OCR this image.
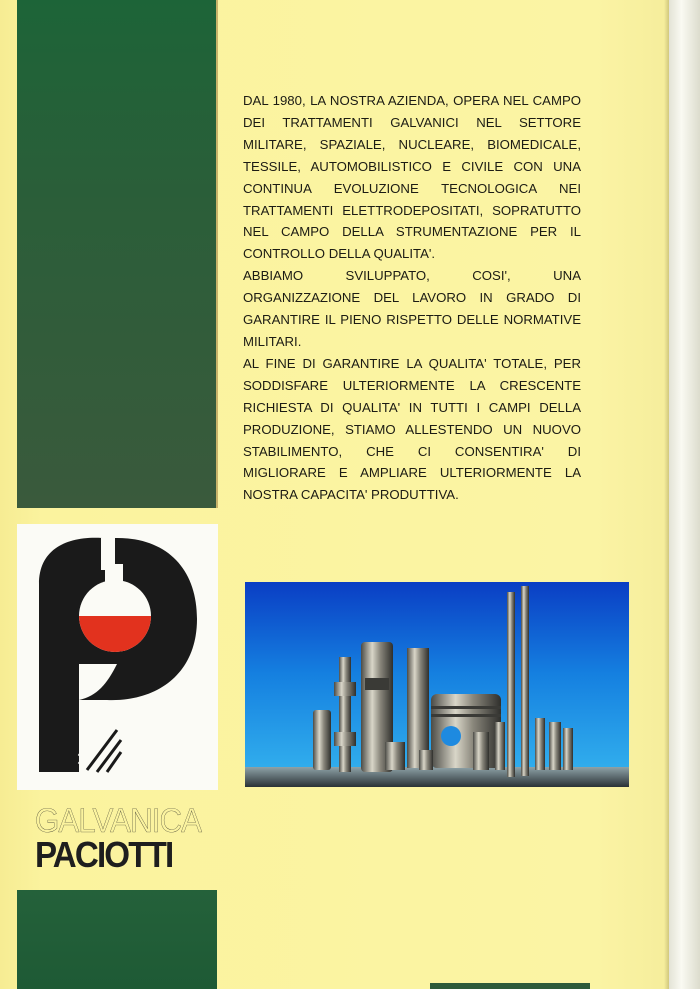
GALVANICA
PACIOTTI

DAL 1980, LA NOSTRA AZIENDA, OPERA NEL CAMPO DEI TRATTAMENTI GALVANICI NEL SETTORE MILITARE, SPAZIALE, NUCLEARE, BIOMEDICALE, TESSILE, AUTOMOBILISTICO E CIVILE CON UNA CONTINUA EVOLUZIONE TECNOLOGICA NEI TRATTAMENTI ELETTRODEPOSITATI, SOPRATUTTO NEL CAMPO DELLA STRUMENTAZIONE PER IL CONTROLLO DELLA QUALITA'.

ABBIAMO SVILUPPATO, COSI', UNA ORGANIZZAZIONE DEL LAVORO IN GRADO DI GARANTIRE IL PIENO RISPETTO DELLE NORMATIVE MILITARI.

AL FINE DI GARANTIRE LA QUALITA' TOTALE, PER SODDISFARE ULTERIORMENTE LA CRESCENTE RICHIESTA DI QUALITA' IN TUTTI I CAMPI DELLA PRODUZIONE, STIAMO ALLESTENDO UN NUOVO STABILIMENTO, CHE CI CONSENTIRA' DI MIGLIORARE E AMPLIARE ULTERIORMENTE LA NOSTRA CAPACITA' PRODUTTIVA.
